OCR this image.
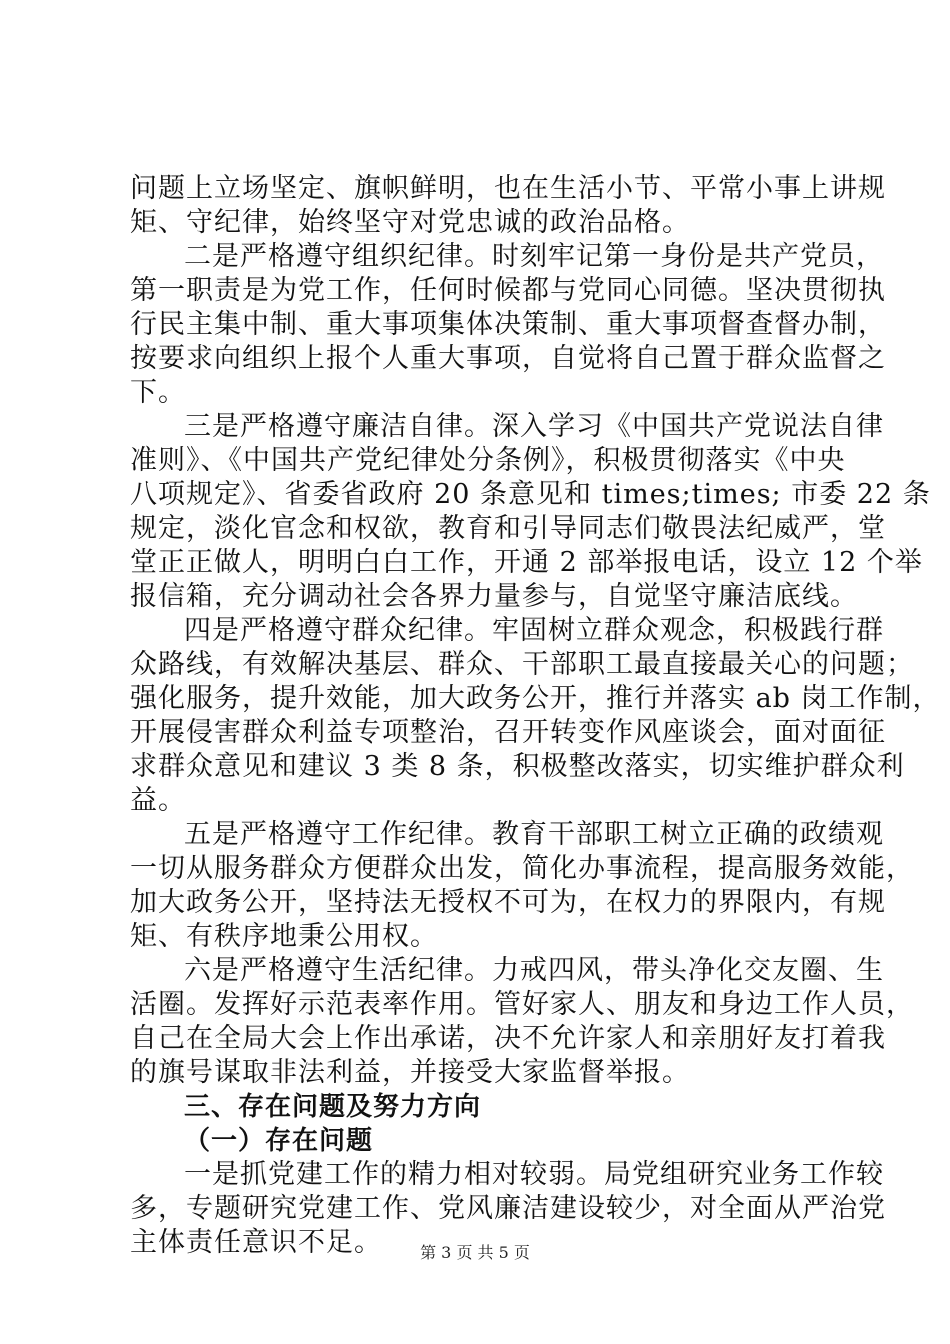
问题上立场坚定、旗帜鲜明，也在生活小节、平常小事上讲规
矩、守纪律，始终坚守对党忠诚的政治品格。
二是严格遵守组织纪律。时刻牢记第一身份是共产党员，
第一职责是为党工作，任何时候都与党同心同德。坚决贯彻执
行民主集中制、重大事项集体决策制、重大事项督查督办制，
按要求向组织上报个人重大事项，自觉将自己置于群众监督之
下。
三是严格遵守廉洁自律。深入学习《中国共产党说法自律
准则》、《中国共产党纪律处分条例》，积极贯彻落实《中央
八项规定》、省委省政府 20 条意见和 times;times; 市委 22 条
规定，淡化官念和权欲，教育和引导同志们敬畏法纪威严，堂
堂正正做人，明明白白工作，开通 2 部举报电话，设立 12 个举
报信箱，充分调动社会各界力量参与，自觉坚守廉洁底线。
四是严格遵守群众纪律。牢固树立群众观念，积极践行群
众路线，有效解决基层、群众、干部职工最直接最关心的问题；
强化服务，提升效能，加大政务公开，推行并落实 ab 岗工作制，
开展侵害群众利益专项整治，召开转变作风座谈会，面对面征
求群众意见和建议 3 类 8 条，积极整改落实，切实维护群众利
益。
五是严格遵守工作纪律。教育干部职工树立正确的政绩观
一切从服务群众方便群众出发，简化办事流程，提高服务效能，
加大政务公开，坚持法无授权不可为，在权力的界限内，有规
矩、有秩序地秉公用权。
六是严格遵守生活纪律。力戒四风，带头净化交友圈、生
活圈。发挥好示范表率作用。管好家人、朋友和身边工作人员，
自己在全局大会上作出承诺，决不允许家人和亲朋好友打着我
的旗号谋取非法利益，并接受大家监督举报。
三、存在问题及努力方向
（一）存在问题
一是抓党建工作的精力相对较弱。局党组研究业务工作较
多，专题研究党建工作、党风廉洁建设较少，对全面从严治党
主体责任意识不足。	第 3 页 共 5 页
